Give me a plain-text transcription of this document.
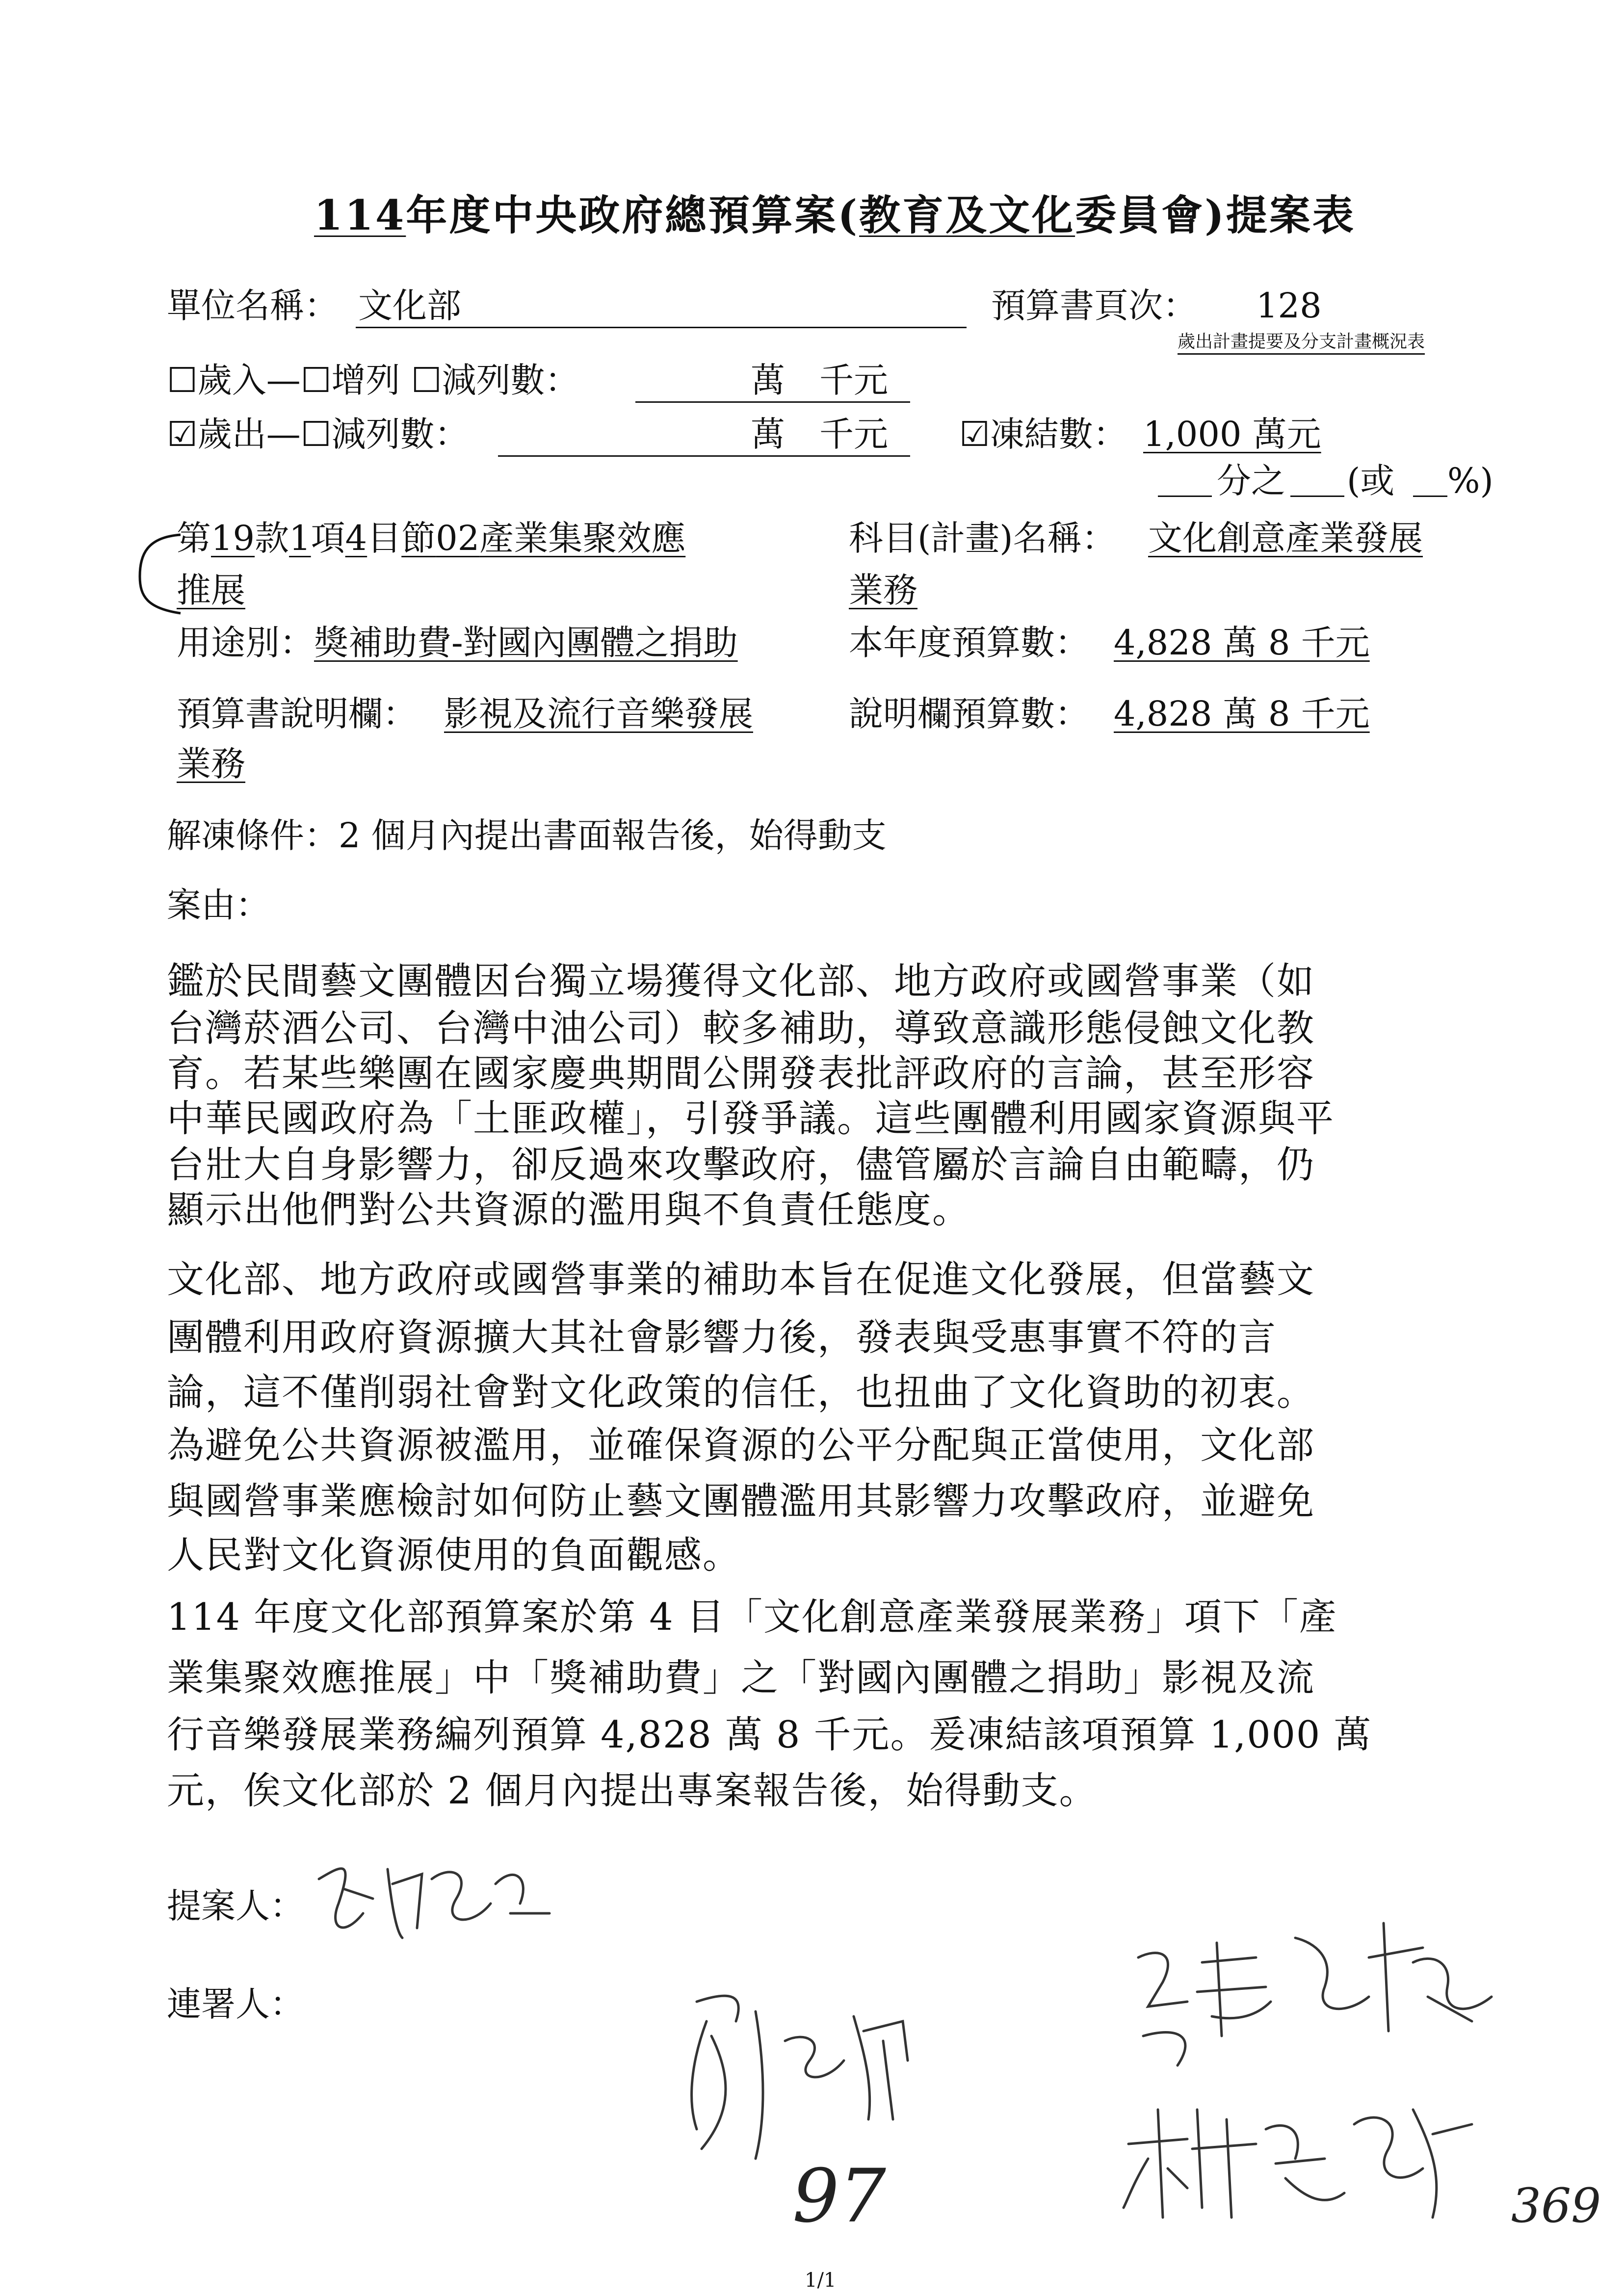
114年度中央政府總預算案(教育及文化委員會)提案表
單位名稱： 文化部	預算書頁次： 128
歲出計畫提要及分支計畫概況表
☐歲入—☐增列 ☐減列數：	萬　千元
☑歲出—☐減列數：	萬　千元 ☑凍結數： 1,000 萬元
分之 (或 %)
第19款1項4目節02產業集聚效應
推展
科目(計畫)名稱： 文化創意產業發展
業務
用途別： 獎補助費-對國內團體之捐助	本年度預算數： 4,828 萬 8 千元
預算書說明欄： 影視及流行音樂發展
業務
說明欄預算數： 4,828 萬 8 千元
解凍條件：2 個月內提出書面報告後，始得動支
案由：
鑑於民間藝文團體因台獨立場獲得文化部、地方政府或國營事業（如
台灣菸酒公司、台灣中油公司）較多補助，導致意識形態侵蝕文化教
育。若某些樂團在國家慶典期間公開發表批評政府的言論，甚至形容
中華民國政府為「土匪政權」，引發爭議。這些團體利用國家資源與平
台壯大自身影響力，卻反過來攻擊政府，儘管屬於言論自由範疇，仍
顯示出他們對公共資源的濫用與不負責任態度。
文化部、地方政府或國營事業的補助本旨在促進文化發展，但當藝文
團體利用政府資源擴大其社會影響力後，發表與受惠事實不符的言
論，這不僅削弱社會對文化政策的信任，也扭曲了文化資助的初衷。
為避免公共資源被濫用，並確保資源的公平分配與正當使用，文化部
與國營事業應檢討如何防止藝文團體濫用其影響力攻擊政府，並避免
人民對文化資源使用的負面觀感。
114 年度文化部預算案於第 4 目「文化創意產業發展業務」項下「產
業集聚效應推展」中「獎補助費」之「對國內團體之捐助」影視及流
行音樂發展業務編列預算 4,828 萬 8 千元。爰凍結該項預算 1,000 萬
元，俟文化部於 2 個月內提出專案報告後，始得動支。
提案人：
連署人：
97	369
1/1
